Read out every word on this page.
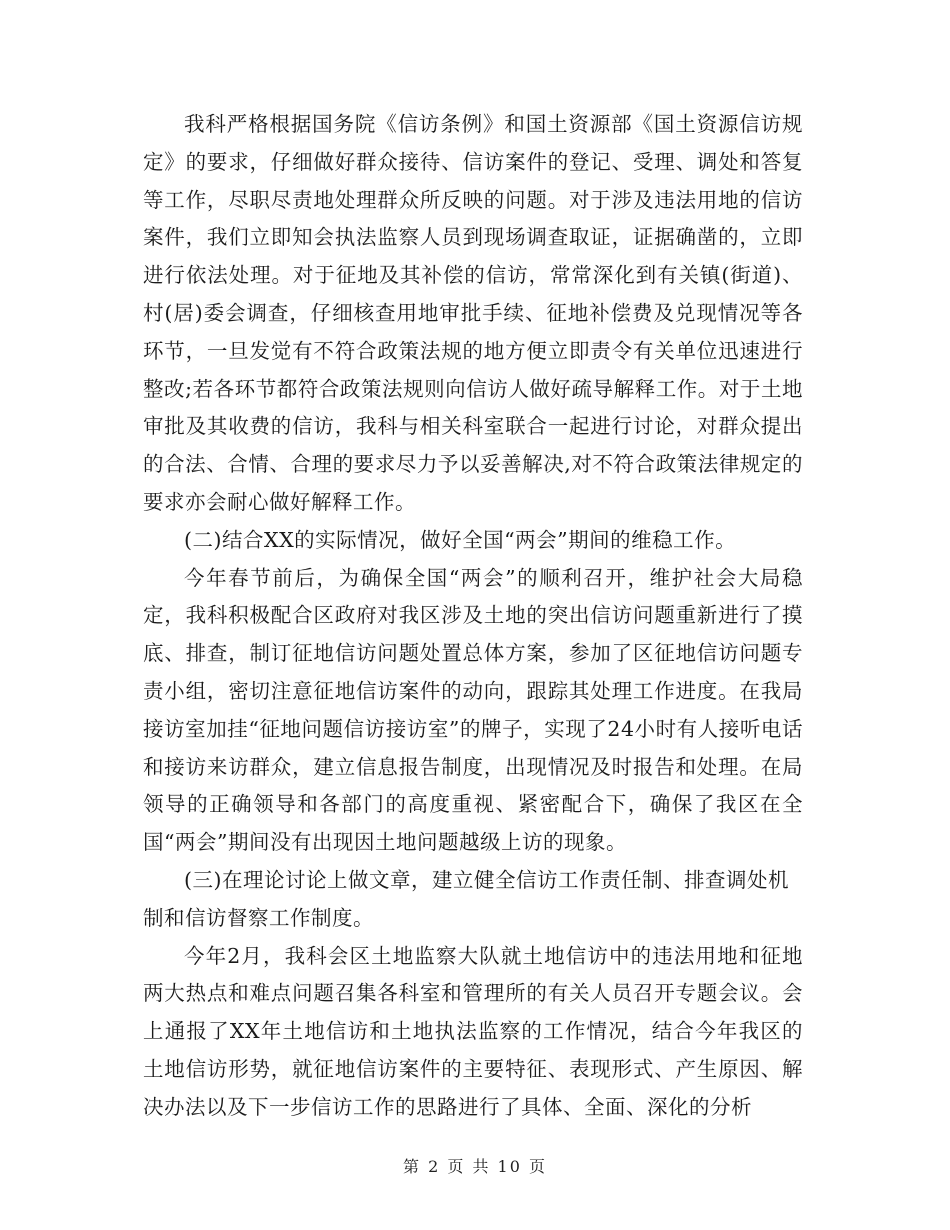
我科严格根据国务院《信访条例》和国土资源部《国土资源信访规定》的要求，仔细做好群众接待、信访案件的登记、受理、调处和答复等工作，尽职尽责地处理群众所反映的问题。对于涉及违法用地的信访案件，我们立即知会执法监察人员到现场调查取证，证据确凿的，立即进行依法处理。对于征地及其补偿的信访，常常深化到有关镇(街道)、村(居)委会调查，仔细核查用地审批手续、征地补偿费及兑现情况等各环节，一旦发觉有不符合政策法规的地方便立即责令有关单位迅速进行整改;若各环节都符合政策法规则向信访人做好疏导解释工作。对于土地审批及其收费的信访，我科与相关科室联合一起进行讨论，对群众提出的合法、合情、合理的要求尽力予以妥善解决,对不符合政策法律规定的要求亦会耐心做好解释工作。

(二)结合XX的实际情况，做好全国“两会”期间的维稳工作。

今年春节前后，为确保全国“两会”的顺利召开，维护社会大局稳定，我科积极配合区政府对我区涉及土地的突出信访问题重新进行了摸底、排查，制订征地信访问题处置总体方案，参加了区征地信访问题专责小组，密切注意征地信访案件的动向，跟踪其处理工作进度。在我局接访室加挂“征地问题信访接访室”的牌子，实现了24小时有人接听电话和接访来访群众，建立信息报告制度，出现情况及时报告和处理。在局领导的正确领导和各部门的高度重视、紧密配合下，确保了我区在全国“两会”期间没有出现因土地问题越级上访的现象。

(三)在理论讨论上做文章，建立健全信访工作责任制、排查调处机制和信访督察工作制度。

今年2月，我科会区土地监察大队就土地信访中的违法用地和征地两大热点和难点问题召集各科室和管理所的有关人员召开专题会议。会上通报了XX年土地信访和土地执法监察的工作情况，结合今年我区的土地信访形势，就征地信访案件的主要特征、表现形式、产生原因、解决办法以及下一步信访工作的思路进行了具体、全面、深化的分析

第 2 页 共 10 页
